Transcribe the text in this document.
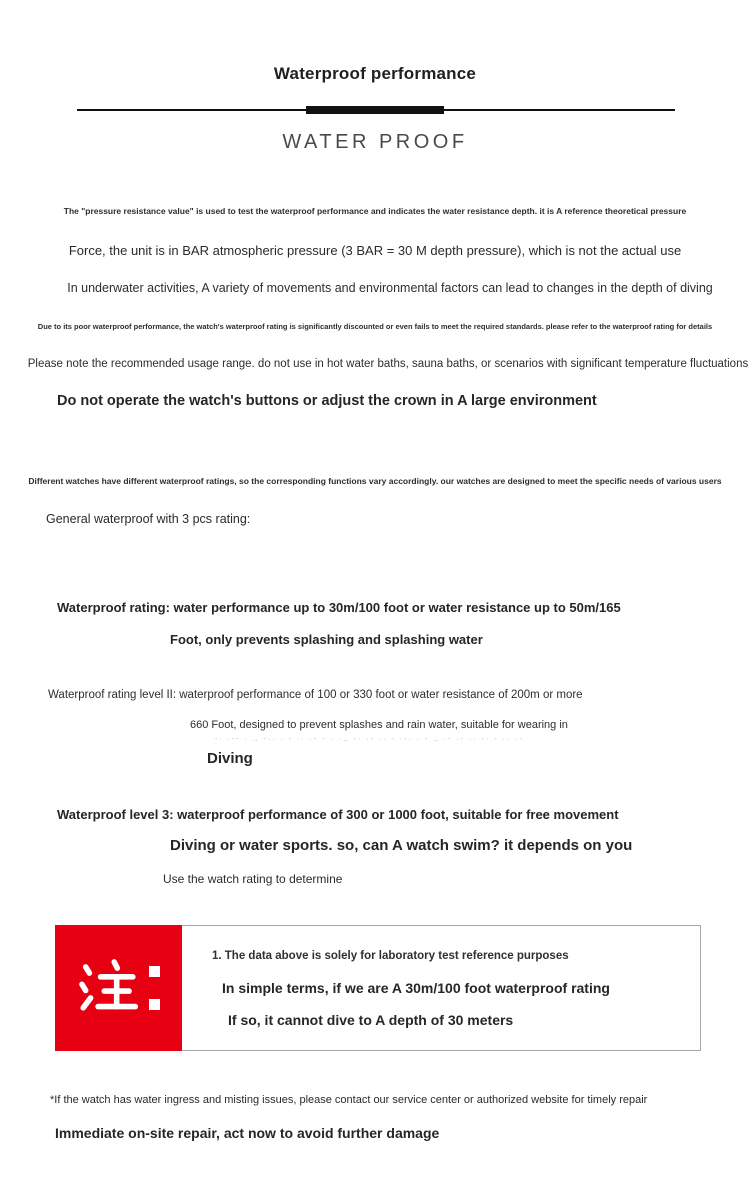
Waterproof performance
WATER PROOF
The "pressure resistance value" is used to test the waterproof performance and indicates the water resistance depth. it is A reference theoretical pressure
Force, the unit is in BAR atmospheric pressure (3 BAR = 30 M depth pressure), which is not the actual use
In underwater activities, A variety of movements and environmental factors can lead to changes in the depth of diving
Due to its poor waterproof performance, the watch's waterproof rating is significantly discounted or even fails to meet the required standards. please refer to the waterproof rating for details
Please note the recommended usage range. do not use in hot water baths, sauna baths, or scenarios with significant temperature fluctuations
Do not operate the watch's buttons or adjust the crown in A large environment
Different watches have different waterproof ratings, so the corresponding functions vary accordingly. our watches are designed to meet the specific needs of various users
General waterproof with 3 pcs rating:
Waterproof rating: water performance up to 30m/100 foot or water resistance up to 50m/165
Foot, only prevents splashing and splashing water
Waterproof rating level II: waterproof performance of 100 or 330 foot or water resistance of 200m or more
660 Foot, designed to prevent splashes and rain water, suitable for wearing in
-· ·-- · ‥ -·· · - ·· ·- - · ·‥ -· ·- ·· - ·-· · - ‥ ·- ·- ·· -· - ·· ·-
Diving
Waterproof level 3: waterproof performance of 300 or 1000 foot, suitable for free movement
Diving or water sports. so, can A watch swim? it depends on you
Use the watch rating to determine
1. The data above is solely for laboratory test reference purposes
In simple terms, if we are A 30m/100 foot waterproof rating
If so, it cannot dive to A depth of 30 meters
*If the watch has water ingress and misting issues, please contact our service center or authorized website for timely repair
Immediate on-site repair, act now to avoid further damage
